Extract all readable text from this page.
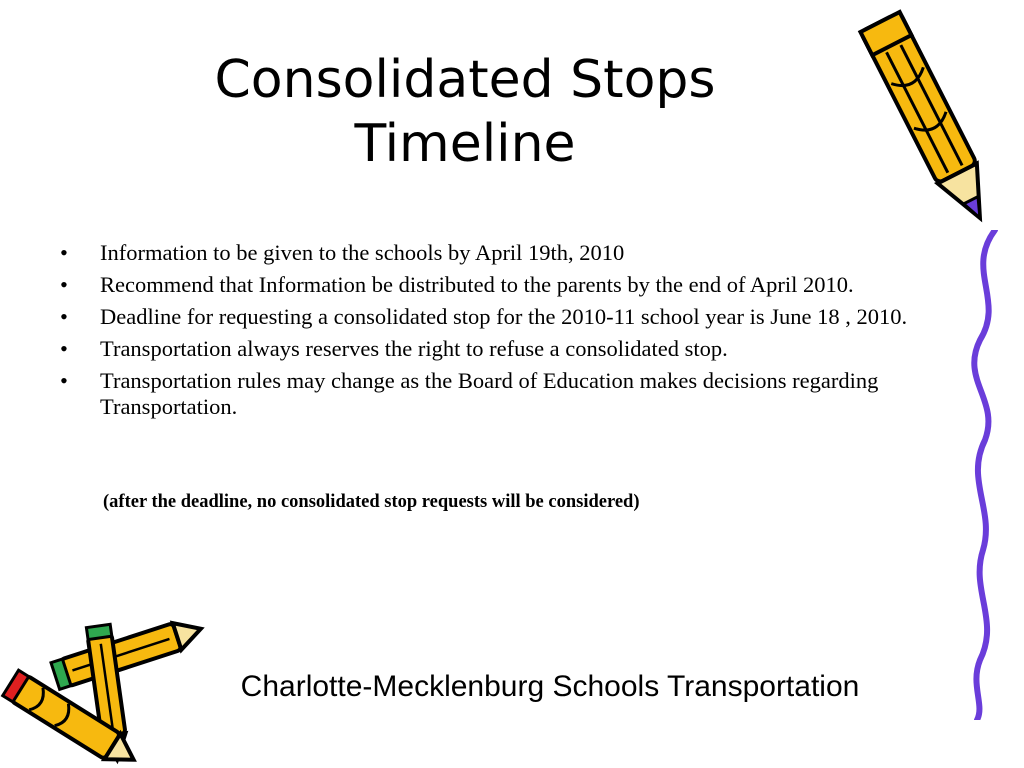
Consolidated Stops
Timeline
• Information to be given to the schools by April 19th, 2010
• Recommend that Information be distributed to the parents by the end of April 2010.
• Deadline for requesting a consolidated stop for the 2010-11 school year is June 18 , 2010.
• Transportation always reserves the right to refuse a consolidated stop.
• Transportation rules may change as the Board of Education makes decisions regarding Transportation.
(after the deadline, no consolidated stop requests will be considered)
Charlotte-Mecklenburg Schools Transportation
